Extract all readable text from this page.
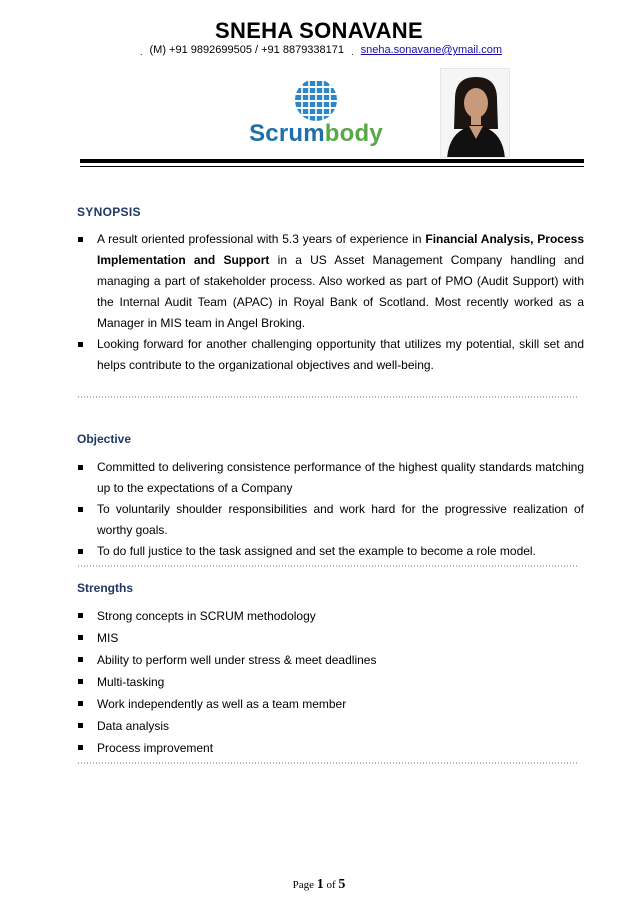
SNEHA SONAVANE
. (M) +91 9892699505 / +91 8879338171 . sneha.sonavane@ymail.com
Scrumbody
SYNOPSIS
A result oriented professional with 5.3 years of experience in Financial Analysis, Process Implementation and Support in a US Asset Management Company handling and managing a part of stakeholder process. Also worked as part of PMO (Audit Support) with the Internal Audit Team (APAC) in Royal Bank of Scotland. Most recently worked as a Manager in MIS team in Angel Broking.
Looking forward for another challenging opportunity that utilizes my potential, skill set and helps contribute to the organizational objectives and well-being.
Objective
Committed to delivering consistence performance of the highest quality standards matching up to the expectations of a Company
To voluntarily shoulder responsibilities and work hard for the progressive realization of worthy goals.
To do full justice to the task assigned and set the example to become a role model.
Strengths
Strong concepts in SCRUM methodology
MIS
Ability to perform well under stress & meet deadlines
Multi-tasking
Work independently as well as a team member
Data analysis
Process improvement
Page 1 of 5
